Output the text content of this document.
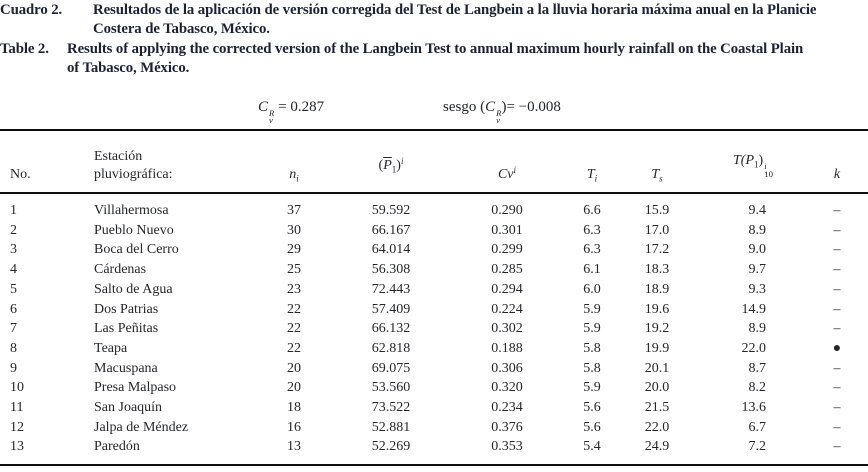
Cuadro 2. Resultados de la aplicación de versión corregida del Test de Langbein a la lluvia horaria máxima anual en la Planicie
Costera de Tabasco, México.

Table 2. Results of applying the corrected version of the Langbein Test to annual maximum hourly rainfall on the Coastal Plain
of Tabasco, México.

C R
v
= 0.287	sesgo (C R
v
)= −0.008
No.	Estación
pluviográfica:	$n_i$	$(\overline{P}_1)^i$	Cv$^i$	$T_i$	$T_s$	$T(P_1)$ i
10	k
1	Villahermosa	37	59.592	0.290	6.6	15.9	9.4	–
2	Pueblo Nuevo	30	66.167	0.301	6.3	17.0	8.9	–
3	Boca del Cerro	29	64.014	0.299	6.3	17.2	9.0	–
4	Cárdenas	25	56.308	0.285	6.1	18.3	9.7	–
5	Salto de Agua	23	72.443	0.294	6.0	18.9	9.3	–
6	Dos Patrias	22	57.409	0.224	5.9	19.6	14.9	–
7	Las Peñitas	22	66.132	0.302	5.9	19.2	8.9	–
8	Teapa	22	62.818	0.188	5.8	19.9	22.0	●
9	Macuspana	20	69.075	0.306	5.8	20.1	8.7	–
10	Presa Malpaso	20	53.560	0.320	5.9	20.0	8.2	–
11	San Joaquín	18	73.522	0.234	5.6	21.5	13.6	–
12	Jalpa de Méndez	16	52.881	0.376	5.6	22.0	6.7	–
13	Paredón	13	52.269	0.353	5.4	24.9	7.2	–
